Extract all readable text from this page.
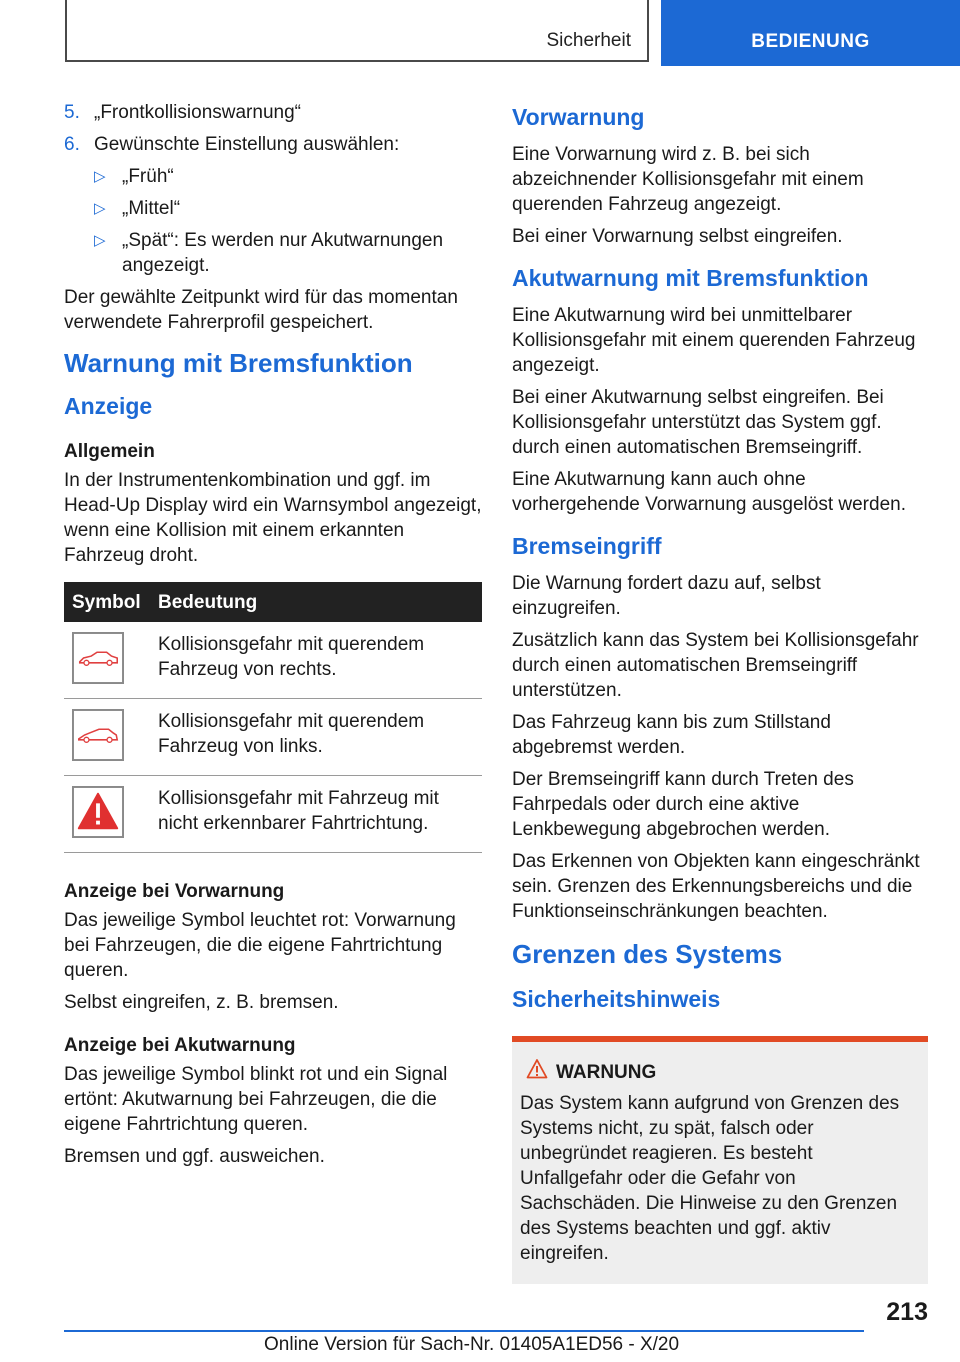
Sicherheit	BEDIENUNG
5. „Frontkollisionswarnung“
6. Gewünschte Einstellung auswählen:
▷ „Früh“
▷ „Mittel“
▷ „Spät“: Es werden nur Akutwarnungen angezeigt.

Der gewählte Zeitpunkt wird für das momentan verwendete Fahrerprofil gespeichert.

Warnung mit Bremsfunktion
Anzeige
Allgemein

In der Instrumentenkombination und ggf. im Head-Up Display wird ein Warnsymbol angezeigt, wenn eine Kollision mit einem erkannten Fahrzeug droht.

Symbol	Bedeutung

	Kollisionsgefahr mit querendem Fahrzeug von rechts.

	Kollisionsgefahr mit querendem Fahrzeug von links.

	Kollisionsgefahr mit Fahrzeug mit nicht erkennbarer Fahrtrichtung.
Anzeige bei Vorwarnung

Das jeweilige Symbol leuchtet rot: Vorwarnung bei Fahrzeugen, die die eigene Fahrtrichtung queren.

Selbst eingreifen, z. B. bremsen.

Anzeige bei Akutwarnung

Das jeweilige Symbol blinkt rot und ein Signal ertönt: Akutwarnung bei Fahrzeugen, die die eigene Fahrtrichtung queren.

Bremsen und ggf. ausweichen.

Vorwarnung

Eine Vorwarnung wird z. B. bei sich abzeichnender Kollisionsgefahr mit einem querenden Fahrzeug angezeigt.

Bei einer Vorwarnung selbst eingreifen.

Akutwarnung mit Bremsfunktion

Eine Akutwarnung wird bei unmittelbarer Kollisionsgefahr mit einem querenden Fahrzeug angezeigt.

Bei einer Akutwarnung selbst eingreifen. Bei Kollisionsgefahr unterstützt das System ggf. durch einen automatischen Bremseingriff.

Eine Akutwarnung kann auch ohne vorhergehende Vorwarnung ausgelöst werden.

Bremseingriff

Die Warnung fordert dazu auf, selbst einzugreifen.

Zusätzlich kann das System bei Kollisionsgefahr durch einen automatischen Bremseingriff unterstützen.

Das Fahrzeug kann bis zum Stillstand abgebremst werden.

Der Bremseingriff kann durch Treten des Fahrpedals oder durch eine aktive Lenkbewegung abgebrochen werden.

Das Erkennen von Objekten kann eingeschränkt sein. Grenzen des Erkennungsbereichs und die Funktionseinschränkungen beachten.

Grenzen des Systems
Sicherheitshinweis
WARNUNG

Das System kann aufgrund von Grenzen des Systems nicht, zu spät, falsch oder unbegründet reagieren. Es besteht Unfallgefahr oder die Gefahr von Sachschäden. Die Hinweise zu den Grenzen des Systems beachten und ggf. aktiv eingreifen.

213
Online Version für Sach-Nr. 01405A1ED56 - X/20
